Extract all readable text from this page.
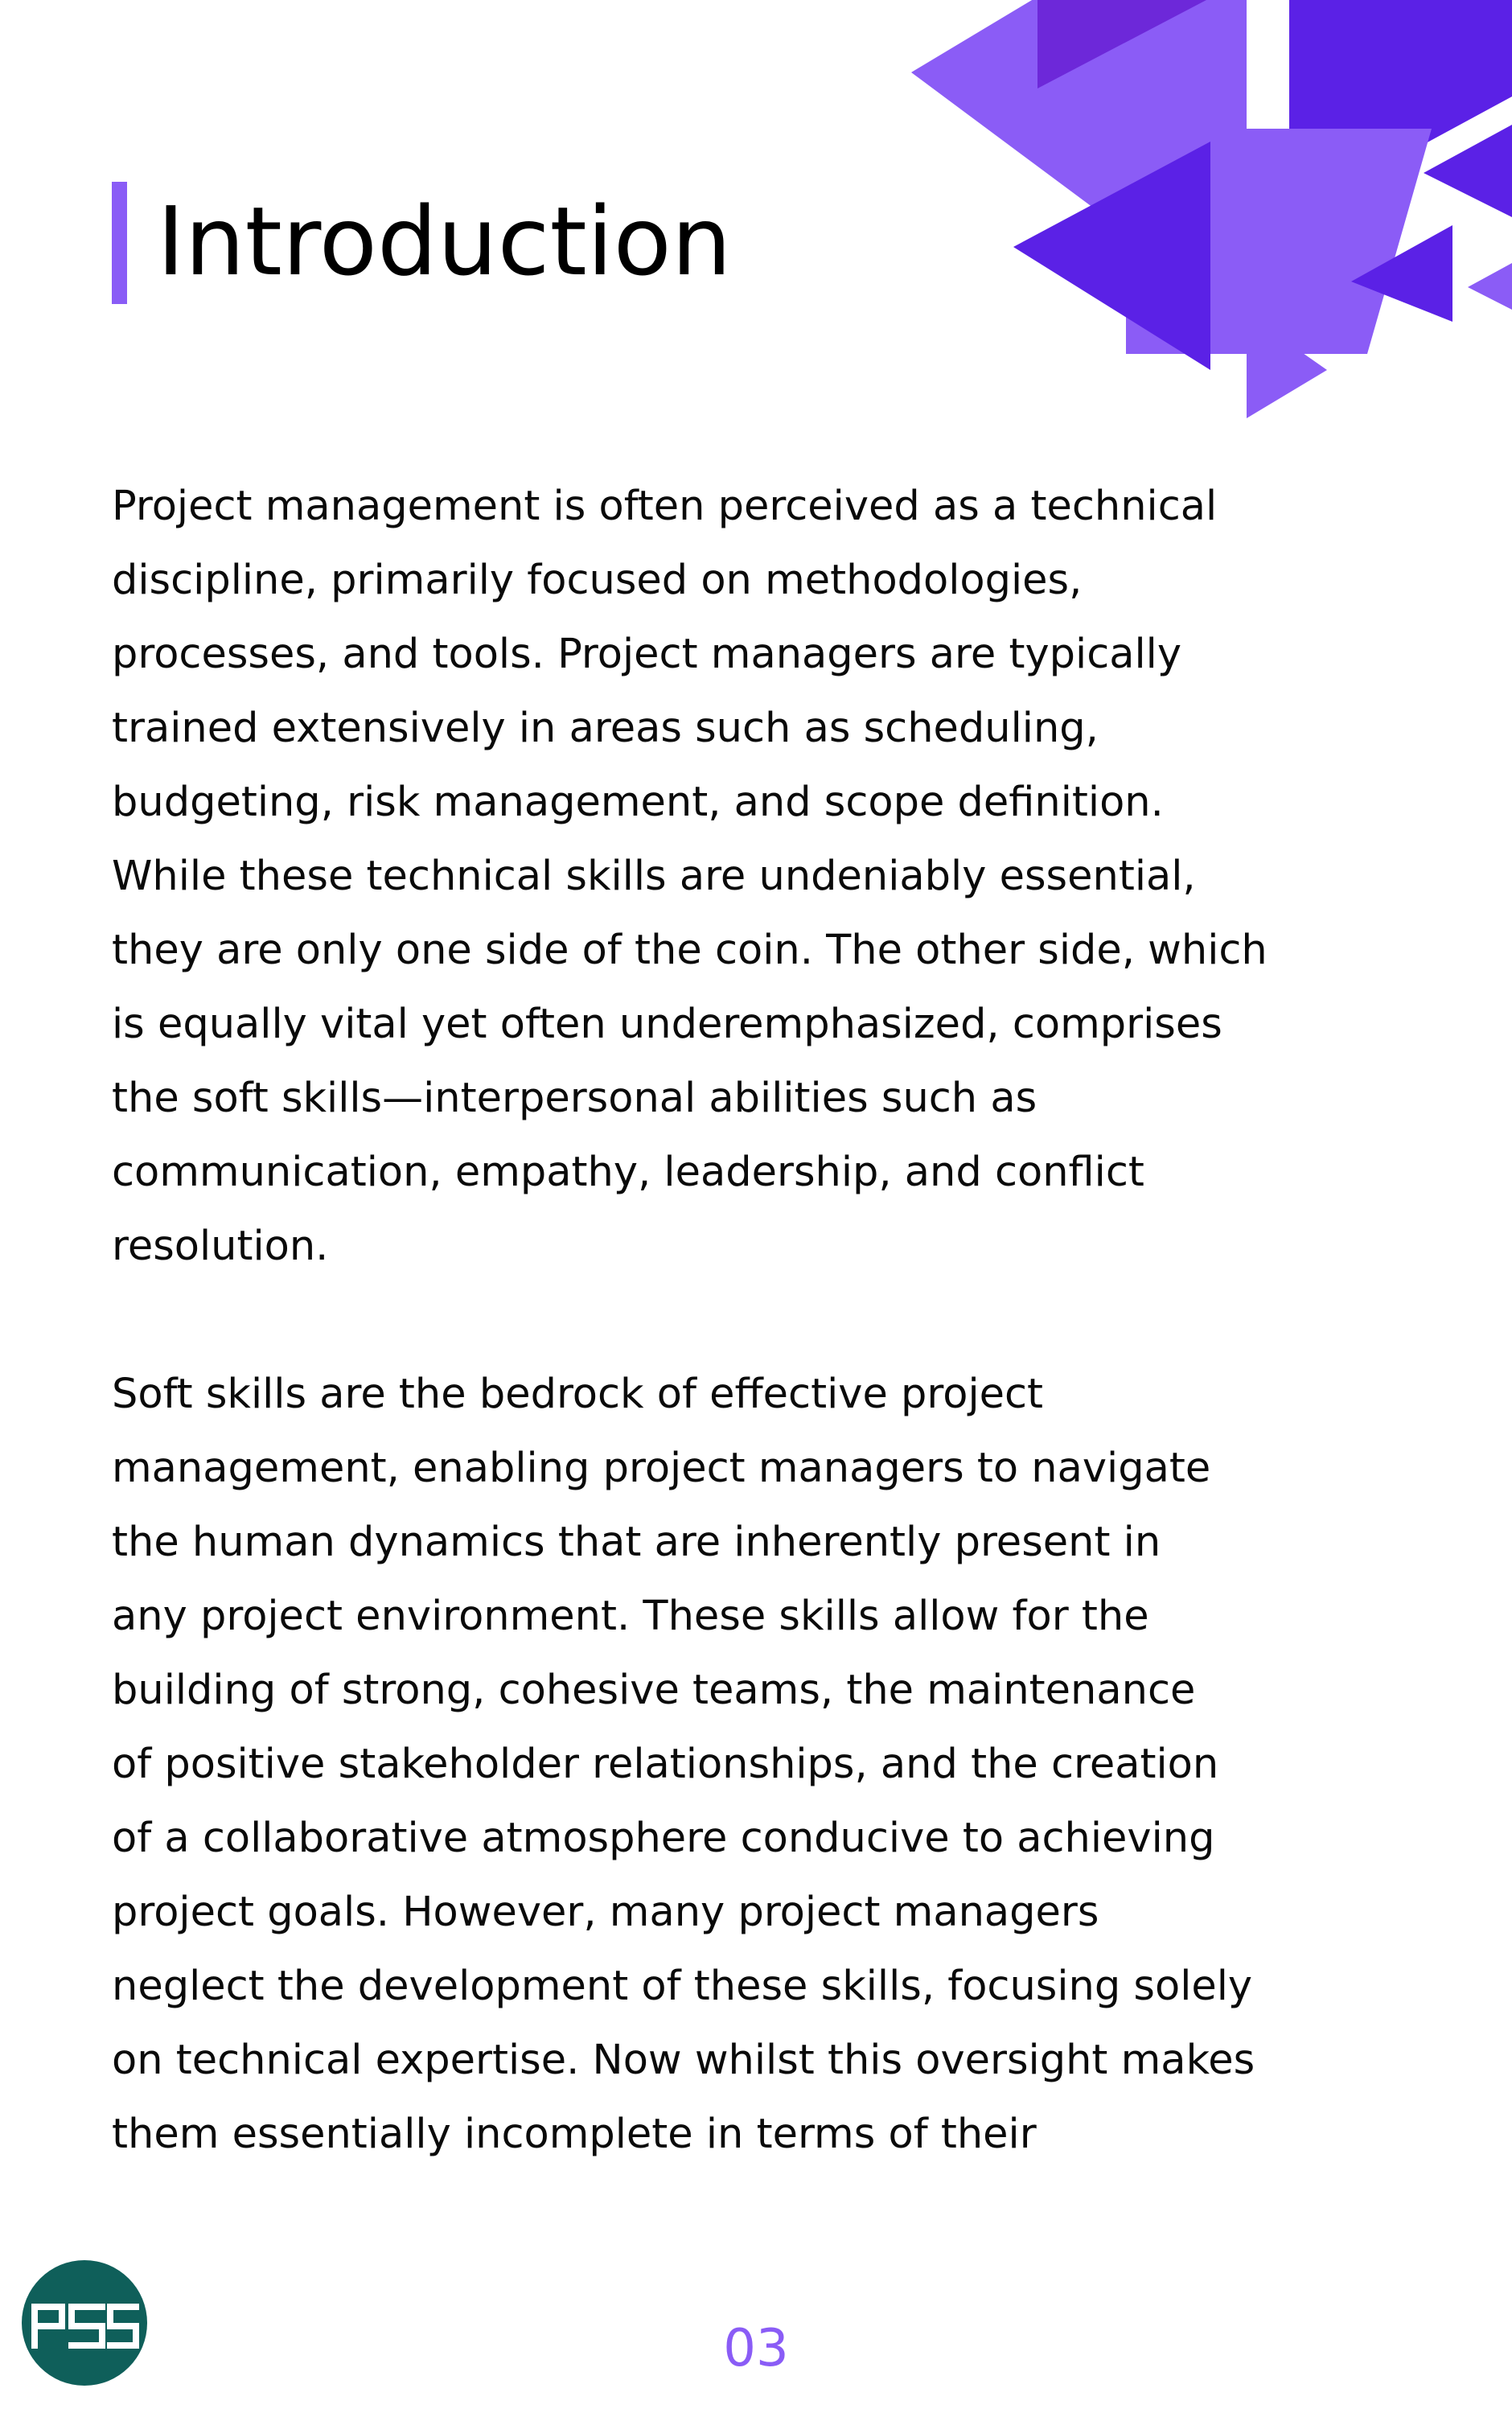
Introduction

Project management is often perceived as a technical
discipline, primarily focused on methodologies,
processes, and tools. Project managers are typically
trained extensively in areas such as scheduling,
budgeting, risk management, and scope definition.
While these technical skills are undeniably essential,
they are only one side of the coin. The other side, which
is equally vital yet often underemphasized, comprises
the soft skills—interpersonal abilities such as
communication, empathy, leadership, and conflict
resolution.

Soft skills are the bedrock of effective project
management, enabling project managers to navigate
the human dynamics that are inherently present in
any project environment. These skills allow for the
building of strong, cohesive teams, the maintenance
of positive stakeholder relationships, and the creation
of a collaborative atmosphere conducive to achieving
project goals. However, many project managers
neglect the development of these skills, focusing solely
on technical expertise. Now whilst this oversight makes
them essentially incomplete in terms of their

03
